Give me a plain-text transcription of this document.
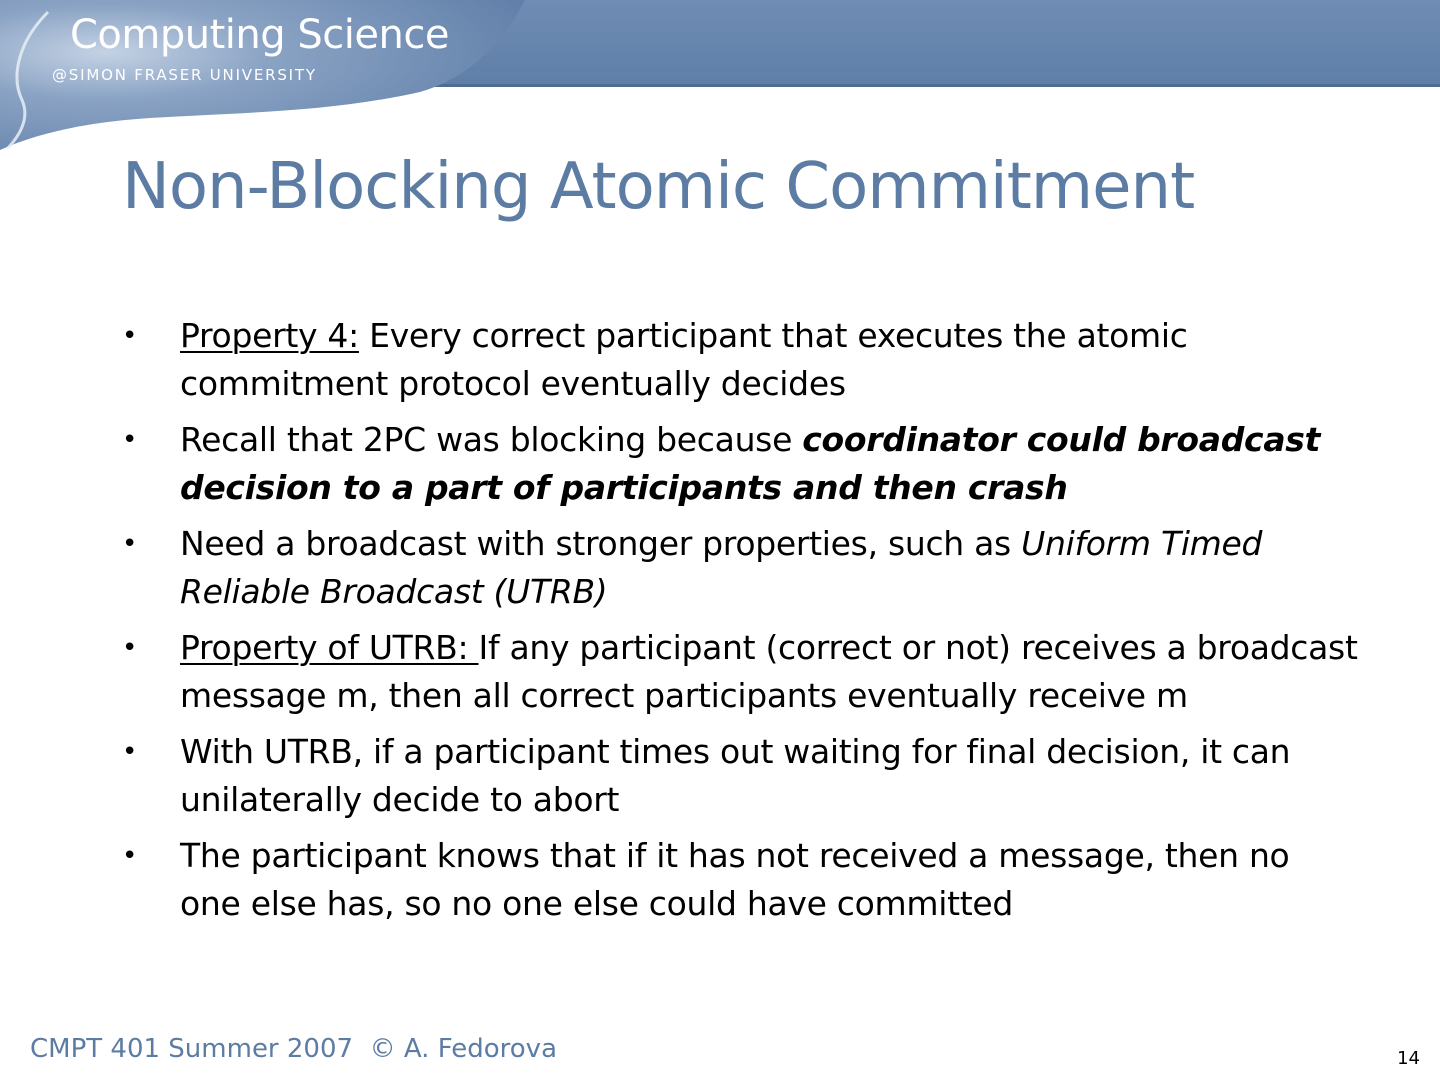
Computing Science
@SIMON FRASER UNIVERSITY
Non-Blocking Atomic Commitment
• Property 4: Every correct participant that executes the atomic commitment protocol eventually decides
• Recall that 2PC was blocking because coordinator could broadcast decision to a part of participants and then crash
• Need a broadcast with stronger properties, such as Uniform Timed Reliable Broadcast (UTRB)
• Property of UTRB: If any participant (correct or not) receives a broadcast message m, then all correct participants eventually receive m
• With UTRB, if a participant times out waiting for final decision, it can unilaterally decide to abort
• The participant knows that if it has not received a message, then no one else has, so no one else could have committed
CMPT 401 Summer 2007  © A. Fedorova	14
